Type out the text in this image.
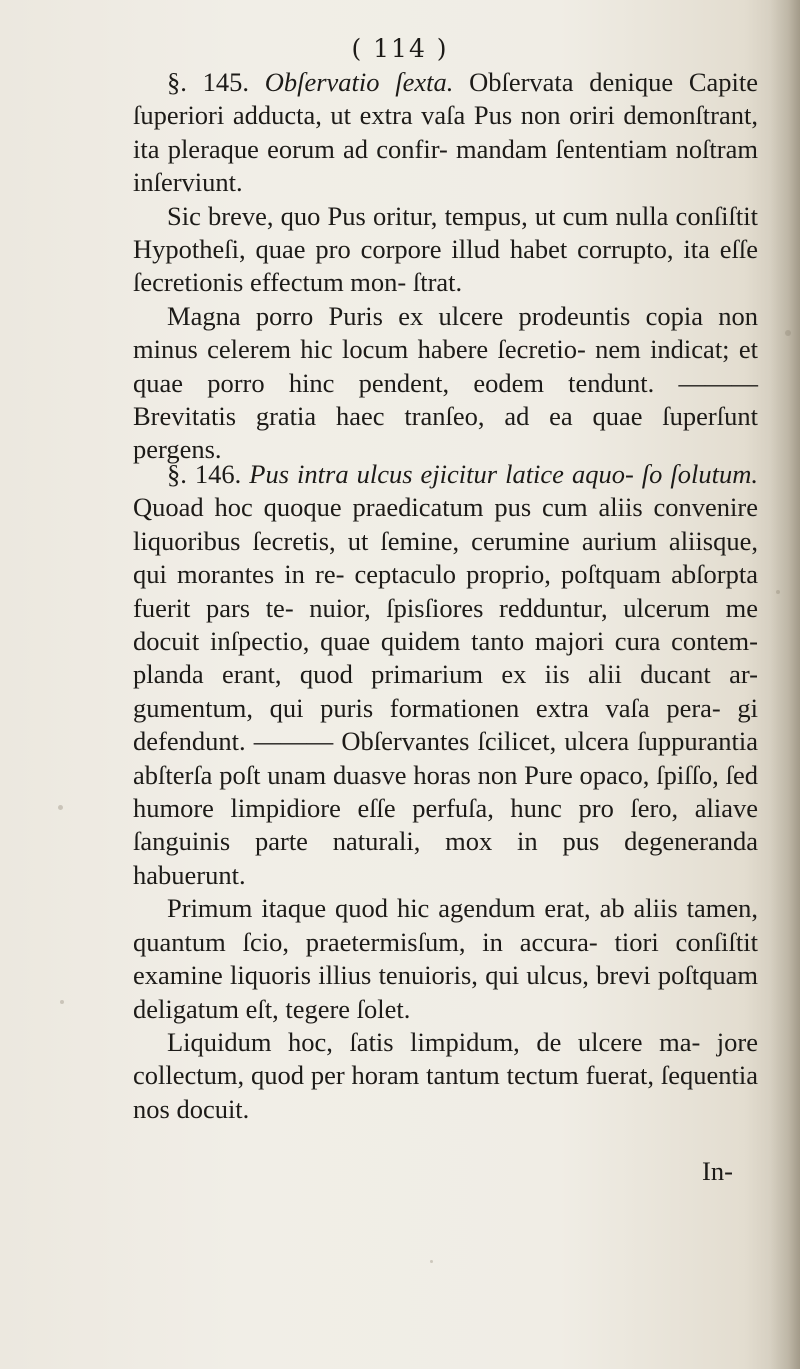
( 114 )

§. 145. Obſervatio ſexta. Obſervata denique Capite ſuperiori adducta, ut extra vaſa Pus non oriri demonſtrant, ita pleraque eorum ad confir- mandam ſententiam noſtram inſerviunt.

Sic breve, quo Pus oritur, tempus, ut cum nulla conſiſtit Hypotheſi, quae pro corpore illud habet corrupto, ita eſſe ſecretionis effectum mon- ſtrat.

Magna porro Puris ex ulcere prodeuntis copia non minus celerem hic locum habere ſecretio- nem indicat; et quae porro hinc pendent, eodem tendunt. ——— Brevitatis gratia haec tranſeo, ad ea quae ſuperſunt pergens.

§. 146. Pus intra ulcus ejicitur latice aquo- ſo ſolutum. Quoad hoc quoque praedicatum pus cum aliis convenire liquoribus ſecretis, ut ſemine, cerumine aurium aliisque, qui morantes in re- ceptaculo proprio, poſtquam abſorpta fuerit pars te- nuior, ſpisſiores redduntur, ulcerum me docuit inſpectio, quae quidem tanto majori cura contem- planda erant, quod primarium ex iis alii ducant ar- gumentum, qui puris formationen extra vaſa pera- gi defendunt. ——— Obſervantes ſcilicet, ulcera ſuppurantia abſterſa poſt unam duasve horas non Pure opaco, ſpiſſo, ſed humore limpidiore eſſe perfuſa, hunc pro ſero, aliave ſanguinis parte naturali, mox in pus degeneranda habuerunt.

Primum itaque quod hic agendum erat, ab aliis tamen, quantum ſcio, praetermisſum, in accura- tiori conſiſtit examine liquoris illius tenuioris, qui ulcus, brevi poſtquam deligatum eſt, tegere ſolet.

Liquidum hoc, ſatis limpidum, de ulcere ma- jore collectum, quod per horam tantum tectum fuerat, ſequentia nos docuit.

In-
